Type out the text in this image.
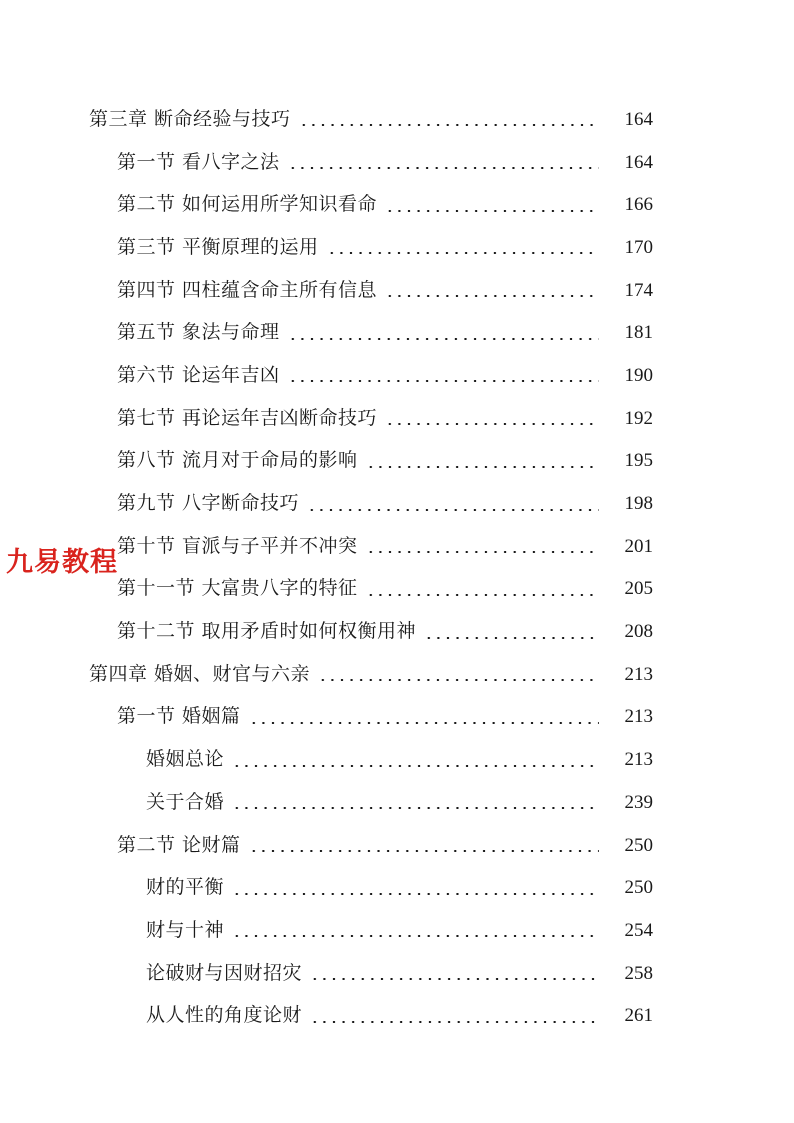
第三章 断命经验与技巧	164
第一节 看八字之法	164
第二节 如何运用所学知识看命	166
第三节 平衡原理的运用	170
第四节 四柱蕴含命主所有信息	174
第五节 象法与命理	181
第六节 论运年吉凶	190
第七节 再论运年吉凶断命技巧	192
第八节 流月对于命局的影响	195
第九节 八字断命技巧	198
第十节 盲派与子平并不冲突	201
第十一节 大富贵八字的特征	205
第十二节 取用矛盾时如何权衡用神	208
第四章 婚姻、财官与六亲	213
第一节 婚姻篇	213
婚姻总论	213
关于合婚	239
第二节 论财篇	250
财的平衡	250
财与十神	254
论破财与因财招灾	258
从人性的角度论财	261
九易教程
